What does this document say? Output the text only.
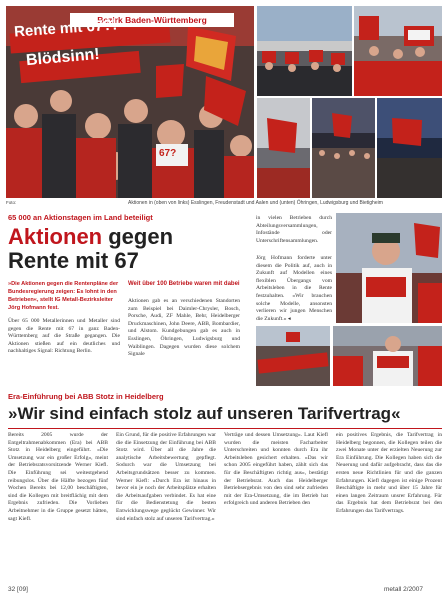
Bezirk Baden-Württemberg
Rente mit 67?!
Blödsinn!
67?
Foto:	Aktionen in (oben von links) Esslingen, Freudenstadt und Aalen und (unten) Öhringen, Ludwigsburg und Bietigheim
65 000 an Aktionstagen im Land beteiligt
Aktionen gegen
Rente mit 67
»Die Aktionen gegen die Rentenpläne der Bundesregierung zeigen: Es lohnt in den Betrieben«, stellt IG Metall-Bezirksleiter Jörg Hofmann fest.
Über 65 000 Metallerinnen und Metaller sind gegen die Rente mit 67 in ganz Baden-Württemberg auf die Straße gegangen. Die Aktionen stießen auf ein deutliches und nachhaltiges Signal: Richtung Berlin.
Weit über 100 Betriebe waren mit dabei
Aktionen gab es an verschiedenen Standorten zum Beispiel bei Daimler-Chrysler, Bosch, Porsche, Audi, ZF Mahle, Behr, Heidelberger Druckmaschinen, John Deere, ABB, Bombardier, und Alstom. Kundgebungen gab es auch in Esslingen, Öhringen, Ludwigsburg und Waiblingen. Dagegen wurden diese solchem Signale
in vielen Betrieben durch Abteilungsversammlungen, Infostände oder Unterschriftensammlungen.
Jörg Hofmann forderte unter diesem die Politik auf, auch in Zukunft auf Modellen eines flexiblen Übergangs vom Arbeitsleben in die Rente festzuhalten. »Wir brauchen solche Modelle, ansonsten verlieren wir jungen Menschen die Zukunft.« ◂
Era-Einführung bei ABB Stotz in Heidelberg
»Wir sind einfach stolz auf unseren Tarifvertrag«
Bereits 2005 wurde der Entgeltrahmenabkommen (Era) bei ABB Stotz in Heidelberg eingeführt. »Die Umsetzung war ein großer Erfolg«, meint der Betriebsratsvorsitzende Werner Kiefl. Die Einführung sei weitestgehend reibungslos. Über die Hälfte bezogen fünf Wochen Bereits bei 12,00 beschäftigten, sind die Kollegen mit breitflächig mit dem Ergebnis zufrieden. Die Vorlieben Arbeitnehmer in die Gruppe gesetzt hätten, sagt Kiefl.
Ein Grund, für die positive Erfahrungen war die die Einsetzung der Einführung bei ABB Stotz wird. Über all die Jahre die analytische Arbeitsbewertung gepflegt. Sodurch war die Umsetzung bei Arbeitsgrundsätzen besser zu kommen. Werner Kiefl: »Durch Era ist hinaus in bevor ein je noch der Arbeitsplätze erhalten die Arbeitsaufgaben verbindet. Es hat eine für die Bedienstetung die besten Entwicklungswege geglückt Gewinner. Wir sind einfach stolz auf unseren Tarifvertrag.«
Verträge und dessen Umsetzung«. Laut Kiefl wurden die meisten Facharbeiter Unterschreiten und konnten durch Era ihr Arbeitsleben gesichert erhalten. »Das wir schon 2005 eingeführt haben, zählt sich das für die Beschäftigten richtig aus«, bestätigt der Betriebsrat. Auch das Heidelberger Betriebsergebnis von den sind sehr zufrieden mit der Era-Umsetzung, die im Betrieb hat erfolgreich und anderen Betrieben den
ein positives Ergebnis, die Tarifvertrag in Heidelberg begonnen, die Kollegen teilen die zwei Monate unter der erzielten Neuerung zur Era Einführung. Die Kollegen haben sich die Neuerung und dafür aufgebracht, dass das die ersten neue Richtlinien für und die ganzen Erfahrungen. Kiefl dagegen ist einige Prozent Beschäftigte in mehr und über 15 Jahre für einen langen Zeitraum unsrer Erfahrung. Für das Ergebnis hat dem Betriebsrat bei den Erfahrungen das Tarifvertrags.
32 [09]	metall 2/2007
